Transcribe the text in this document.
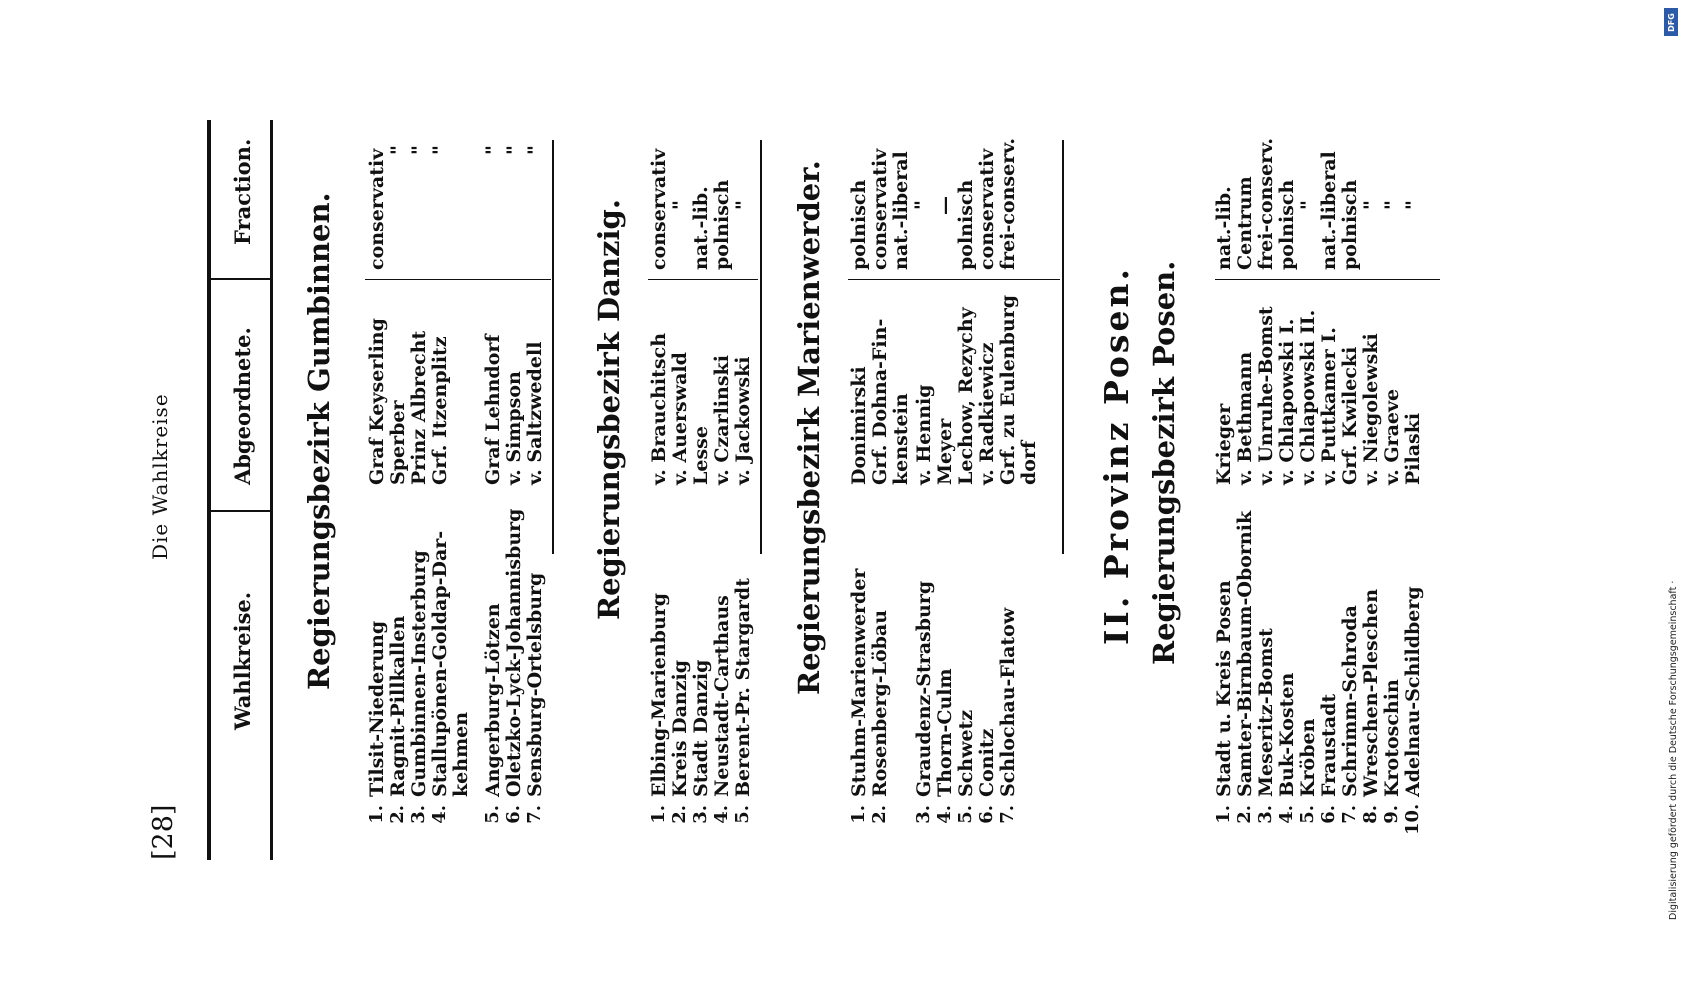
[28]
Die Wahlkreise
Wahlkreise.
Abgeordnete.
Fraction.
Regierungsbezirk Gumbinnen.
1.
Tilsit-Niederung
Graf Keyserling
conservativ
2.
Ragnit-Pillkallen
Sperber
"
3.
Gumbinnen-Insterburg
Prinz Albrecht
"
4.
Stallupönen-Goldap-Dar-
Grf. Itzenplitz
"
kehmen
5.
Angerburg-Lötzen
Graf Lehndorf
"
6.
Oletzko-Lyck-Johannisburg
v. Simpson
"
7.
Sensburg-Ortelsburg
v. Saltzwedell
"
Regierungsbezirk Danzig.
1.
Elbing-Marienburg
v. Brauchitsch
conservativ
2.
Kreis Danzig
v. Auerswald
"
3.
Stadt Danzig
Lesse
nat.-lib.
4.
Neustadt-Carthaus
v. Czarlinski
polnisch
5.
Berent-Pr. Stargardt
v. Jackowski
" Regierungsbezirk Marienwerder.
1.
Stuhm-Marienwerder
Donimirski
polnisch
2.
Rosenberg-Löbau
Grf. Dohna-Fin-
conservativ
kenstein
3.
Graudenz-Strasburg
v. Hennig
nat.-liberal
4.
Thorn-Culm
Meyer
"
5.
Schwetz
Lechow, Rezychy
—
6.
Conitz
v. Radkiewicz
polnisch
7.
Schlochau-Flatow
Grf. zu Eulenburg
conservativ frei-conserv.
dorf II. Provinz Posen. Regierungsbezirk Posen.
1.
Stadt u. Kreis Posen
Krieger
nat.-lib.
2.
Samter-Birnbaum-Obornik
v. Bethmann
Centrum
3.
Meseritz-Bomst
v. Unruhe-Bomst
frei-conserv.
4.
Buk-Kosten
v. Chlapowski I.
polnisch
5.
Kröben
v. Chlapowski II.
"
6.
Fraustadt
v. Puttkamer I.
nat.-liberal
7.
Schrimm-Schroda
Grf. Kwilecki
polnisch
8.
Wreschen-Pleschen
v. Niegolewski
"
9.
Krotoschin
v. Graeve
"
10.
Adelnau-Schildberg
Pilaski
"
DFG
Digitalisierung gefördert durch die Deutsche Forschungsgemeinschaft ·
